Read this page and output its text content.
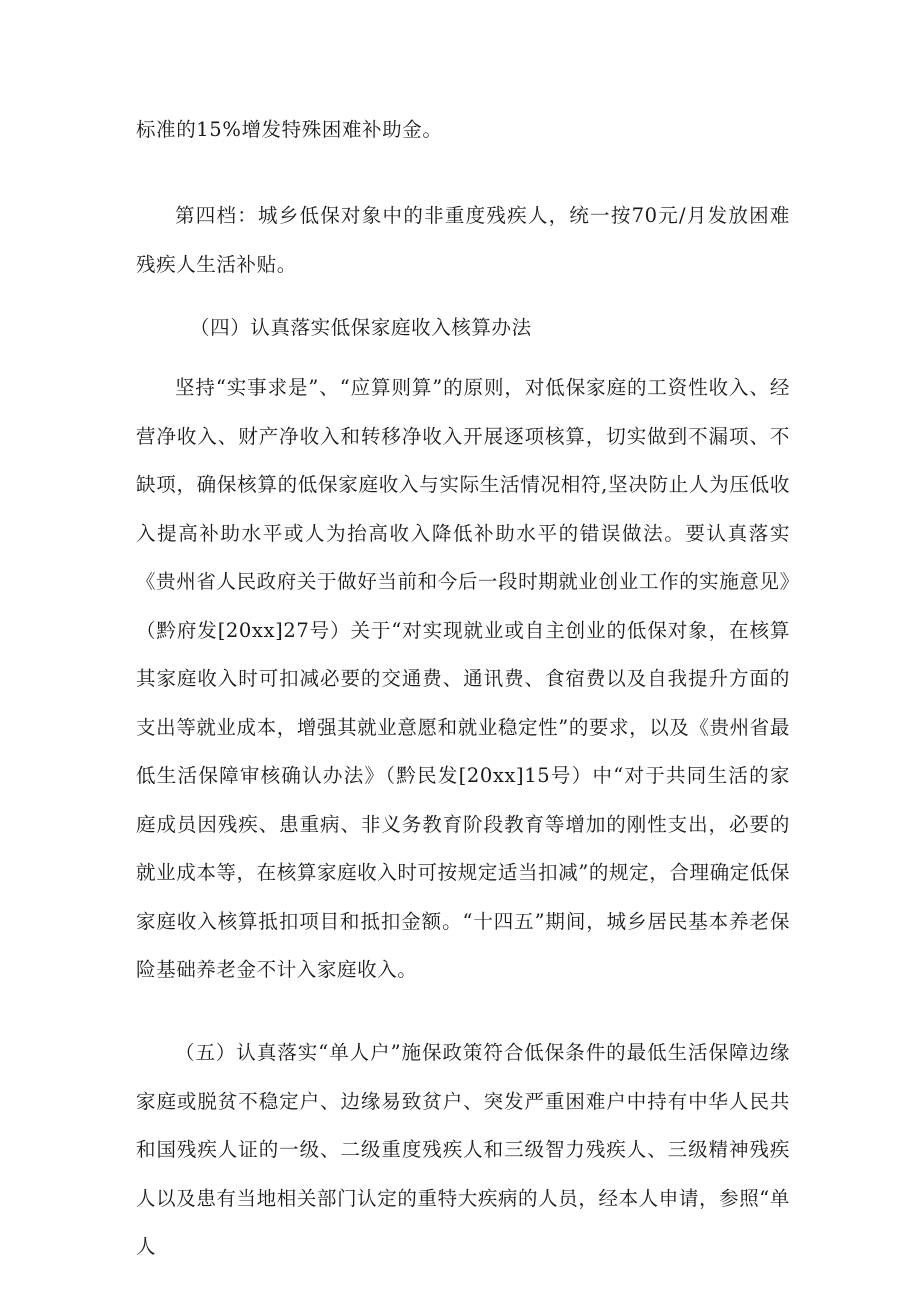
标准的15%增发特殊困难补助金。

第四档：城乡低保对象中的非重度残疾人，统一按70元/月发放困难残疾人生活补贴。

（四）认真落实低保家庭收入核算办法

坚持“实事求是”、“应算则算”的原则，对低保家庭的工资性收入、经营净收入、财产净收入和转移净收入开展逐项核算，切实做到不漏项、不缺项，确保核算的低保家庭收入与实际生活情况相符,坚决防止人为压低收入提高补助水平或人为抬高收入降低补助水平的错误做法。要认真落实《贵州省人民政府关于做好当前和今后一段时期就业创业工作的实施意见》（黔府发[20xx]27号）关于“对实现就业或自主创业的低保对象，在核算其家庭收入时可扣减必要的交通费、通讯费、食宿费以及自我提升方面的支出等就业成本，增强其就业意愿和就业稳定性”的要求，以及《贵州省最低生活保障审核确认办法》（黔民发[20xx]15号）中“对于共同生活的家庭成员因残疾、患重病、非义务教育阶段教育等增加的刚性支出，必要的就业成本等，在核算家庭收入时可按规定适当扣减”的规定，合理确定低保家庭收入核算抵扣项目和抵扣金额。“十四五”期间，城乡居民基本养老保险基础养老金不计入家庭收入。

（五）认真落实“单人户”施保政策符合低保条件的最低生活保障边缘家庭或脱贫不稳定户、边缘易致贫户、突发严重困难户中持有中华人民共和国残疾人证的一级、二级重度残疾人和三级智力残疾人、三级精神残疾人以及患有当地相关部门认定的重特大疾病的人员，经本人申请，参照“单人
